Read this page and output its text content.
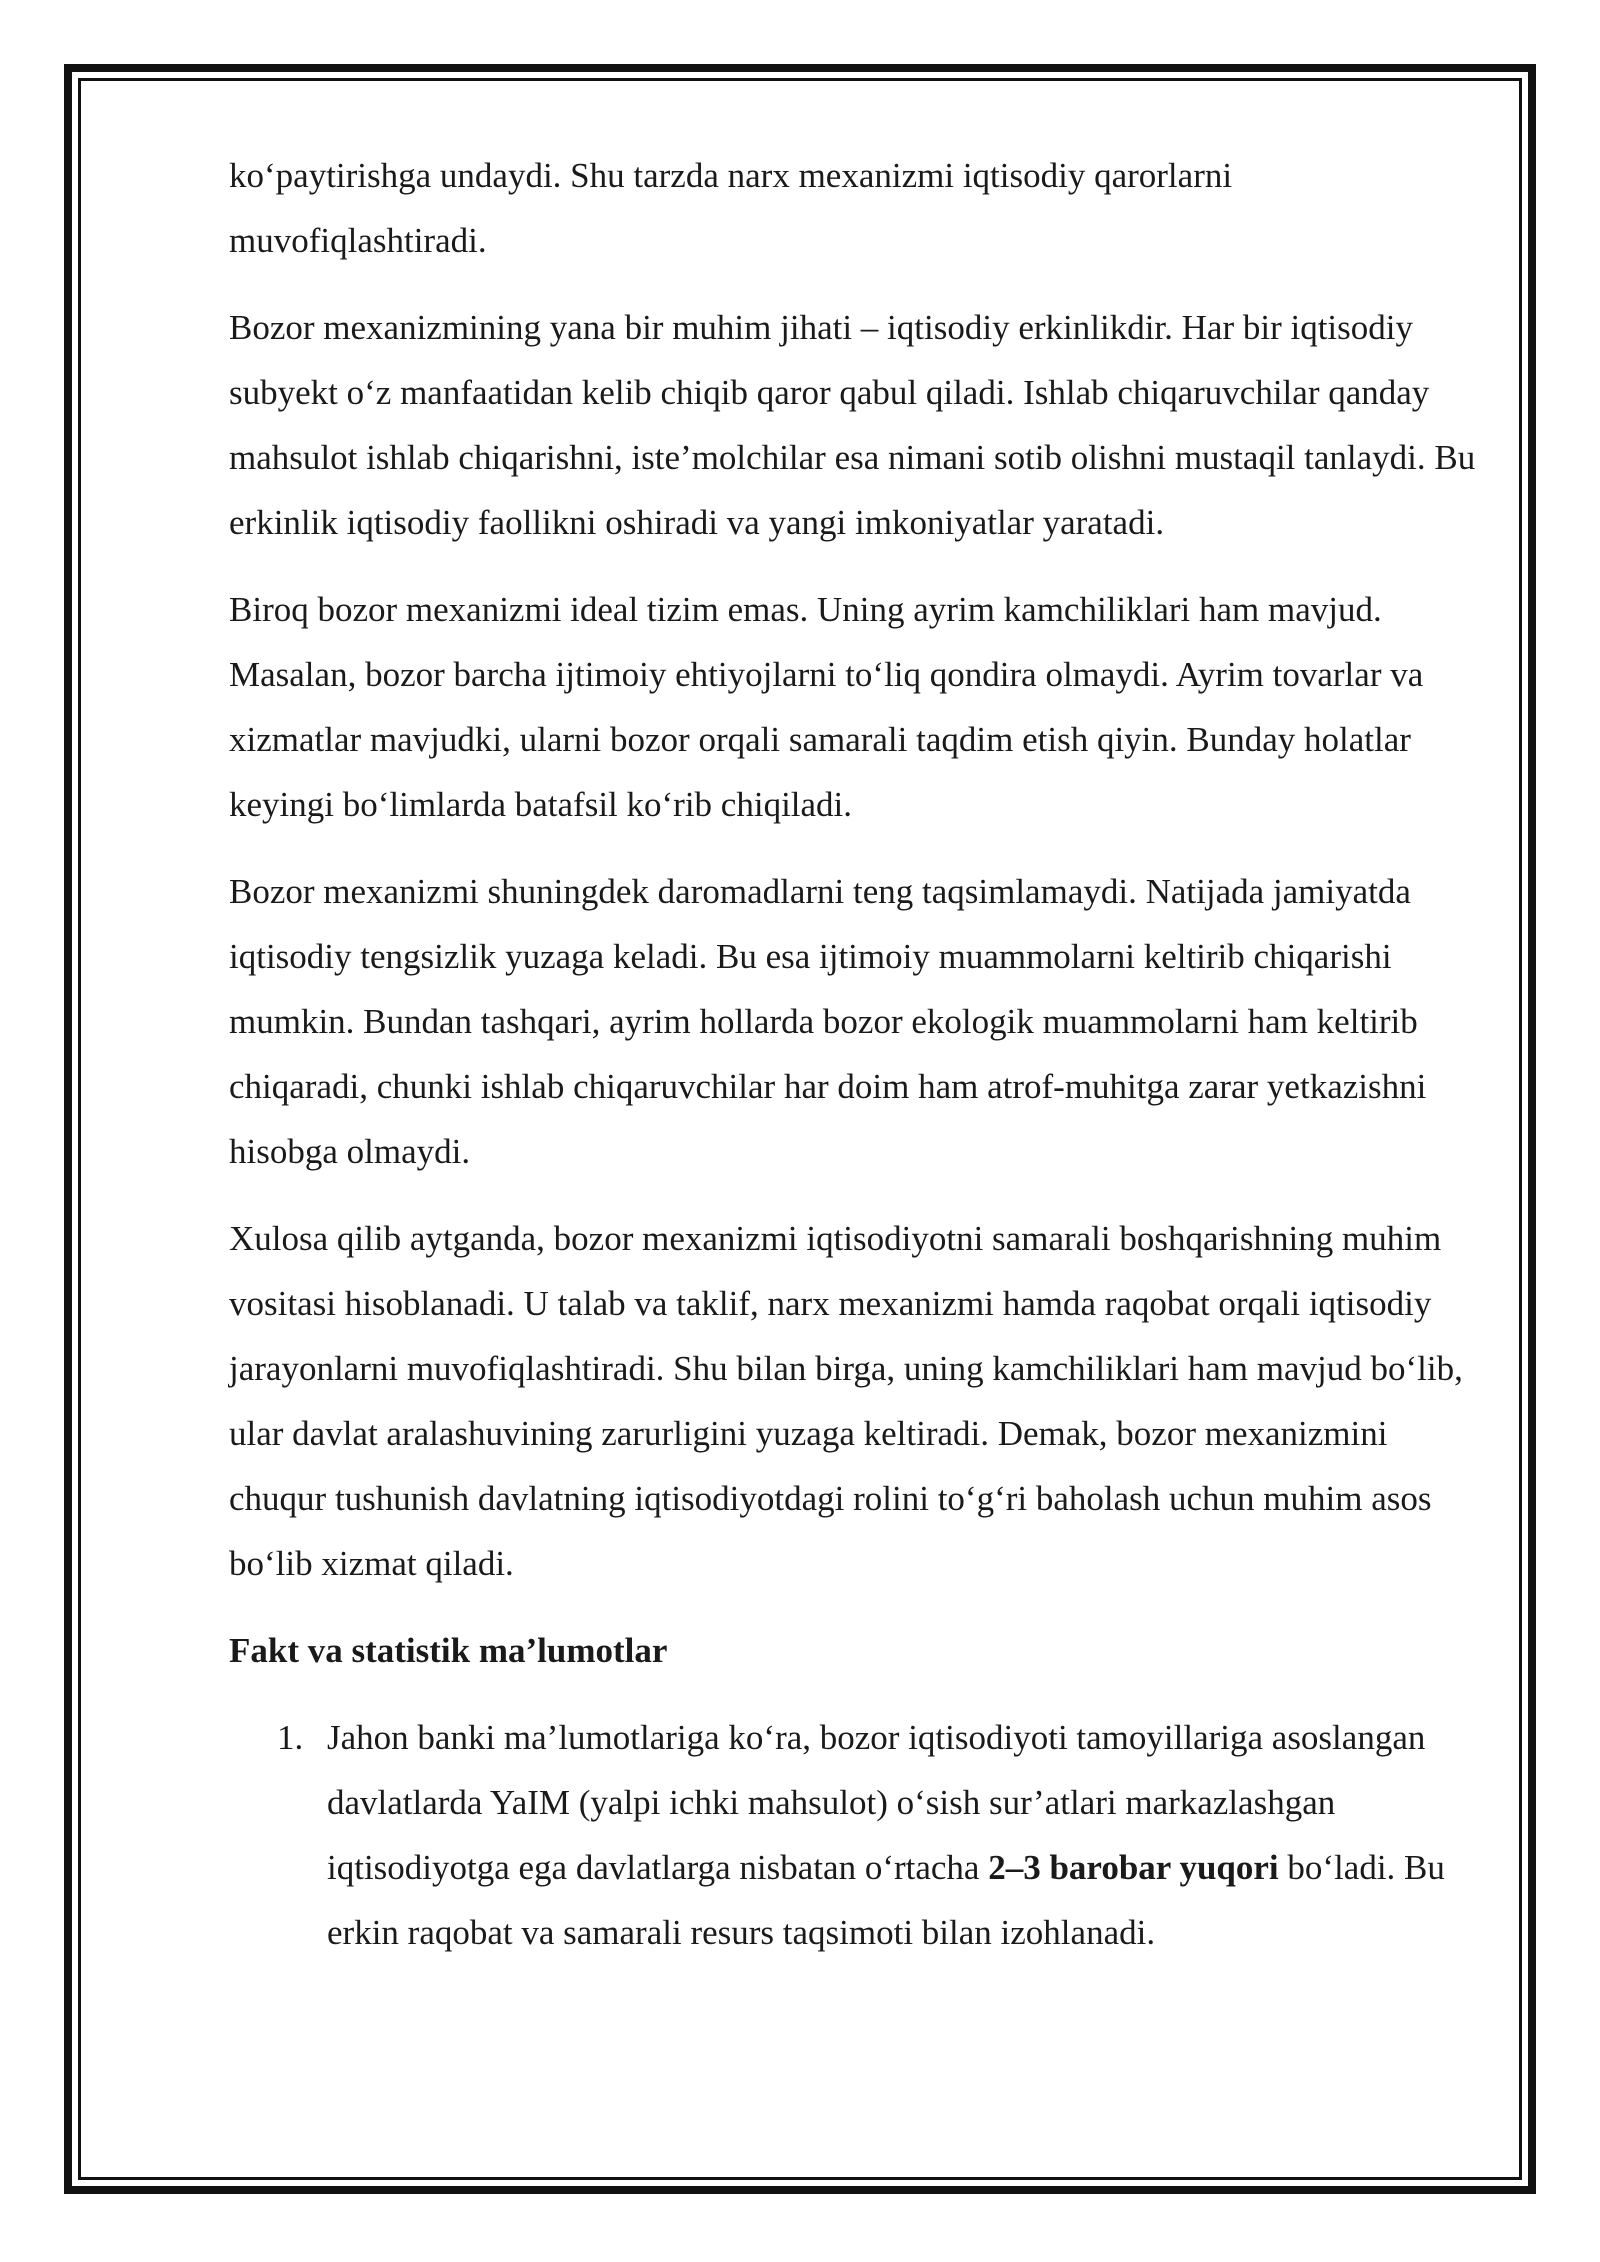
ko‘paytirishga undaydi. Shu tarzda narx mexanizmi iqtisodiy qarorlarni muvofiqlashtiradi.

Bozor mexanizmining yana bir muhim jihati – iqtisodiy erkinlikdir. Har bir iqtisodiy subyekt o‘z manfaatidan kelib chiqib qaror qabul qiladi. Ishlab chiqaruvchilar qanday mahsulot ishlab chiqarishni, iste’molchilar esa nimani sotib olishni mustaqil tanlaydi. Bu erkinlik iqtisodiy faollikni oshiradi va yangi imkoniyatlar yaratadi.

Biroq bozor mexanizmi ideal tizim emas. Uning ayrim kamchiliklari ham mavjud. Masalan, bozor barcha ijtimoiy ehtiyojlarni to‘liq qondira olmaydi. Ayrim tovarlar va xizmatlar mavjudki, ularni bozor orqali samarali taqdim etish qiyin. Bunday holatlar keyingi bo‘limlarda batafsil ko‘rib chiqiladi.

Bozor mexanizmi shuningdek daromadlarni teng taqsimlamaydi. Natijada jamiyatda iqtisodiy tengsizlik yuzaga keladi. Bu esa ijtimoiy muammolarni keltirib chiqarishi mumkin. Bundan tashqari, ayrim hollarda bozor ekologik muammolarni ham keltirib chiqaradi, chunki ishlab chiqaruvchilar har doim ham atrof-muhitga zarar yetkazishni hisobga olmaydi.

Xulosa qilib aytganda, bozor mexanizmi iqtisodiyotni samarali boshqarishning muhim vositasi hisoblanadi. U talab va taklif, narx mexanizmi hamda raqobat orqali iqtisodiy jarayonlarni muvofiqlashtiradi. Shu bilan birga, uning kamchiliklari ham mavjud bo‘lib, ular davlat aralashuvining zarurligini yuzaga keltiradi. Demak, bozor mexanizmini chuqur tushunish davlatning iqtisodiyotdagi rolini to‘g‘ri baholash uchun muhim asos bo‘lib xizmat qiladi.

Fakt va statistik ma’lumotlar
1. Jahon banki ma’lumotlariga ko‘ra, bozor iqtisodiyoti tamoyillariga asoslangan davlatlarda YaIM (yalpi ichki mahsulot) o‘sish sur’atlari markazlashgan iqtisodiyotga ega davlatlarga nisbatan o‘rtacha 2–3 barobar yuqori bo‘ladi. Bu erkin raqobat va samarali resurs taqsimoti bilan izohlanadi.
